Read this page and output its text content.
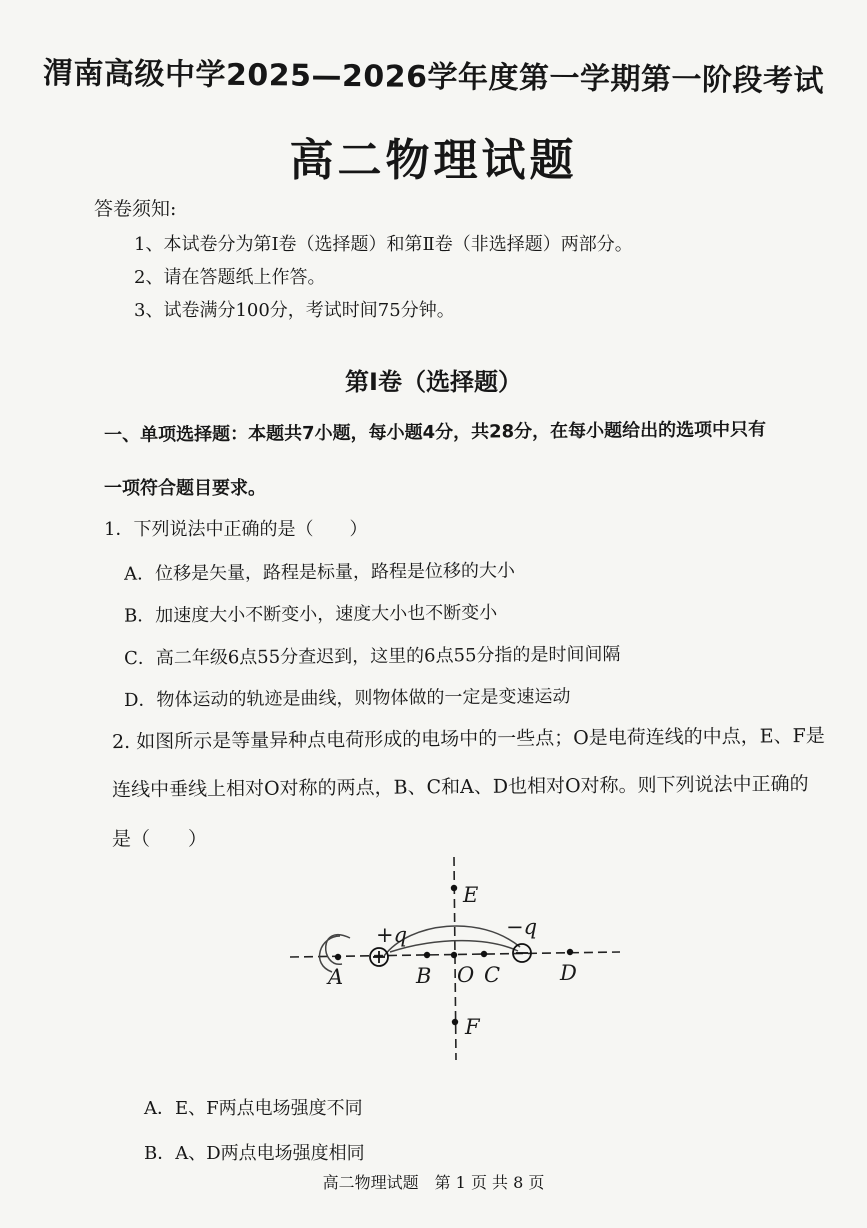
渭南高级中学2025—2026学年度第一学期第一阶段考试
高二物理试题
答卷须知:
1、本试卷分为第Ⅰ卷（选择题）和第Ⅱ卷（非选择题）两部分。
2、请在答题纸上作答。
3、试卷满分100分，考试时间75分钟。
第Ⅰ卷（选择题）
一、单项选择题：本题共7小题，每小题4分，共28分，在每小题给出的选项中只有
一项符合题目要求。
1．下列说法中正确的是（　　）
A．位移是矢量，路程是标量，路程是位移的大小
B．加速度大小不断变小，速度大小也不断变小
C．高二年级6点55分查迟到，这里的6点55分指的是时间间隔
D．物体运动的轨迹是曲线，则物体做的一定是变速运动
2. 如图所示是等量异种点电荷形成的电场中的一些点；O是电荷连线的中点，E、F是
连线中垂线上相对O对称的两点，B、C和A、D也相对O对称。则下列说法中正确的
是（　　）
E
F
A	B O C	D
+q	−q
A．E、F两点电场强度不同
B．A、D两点电场强度相同
高二物理试题　第 1 页 共 8 页
